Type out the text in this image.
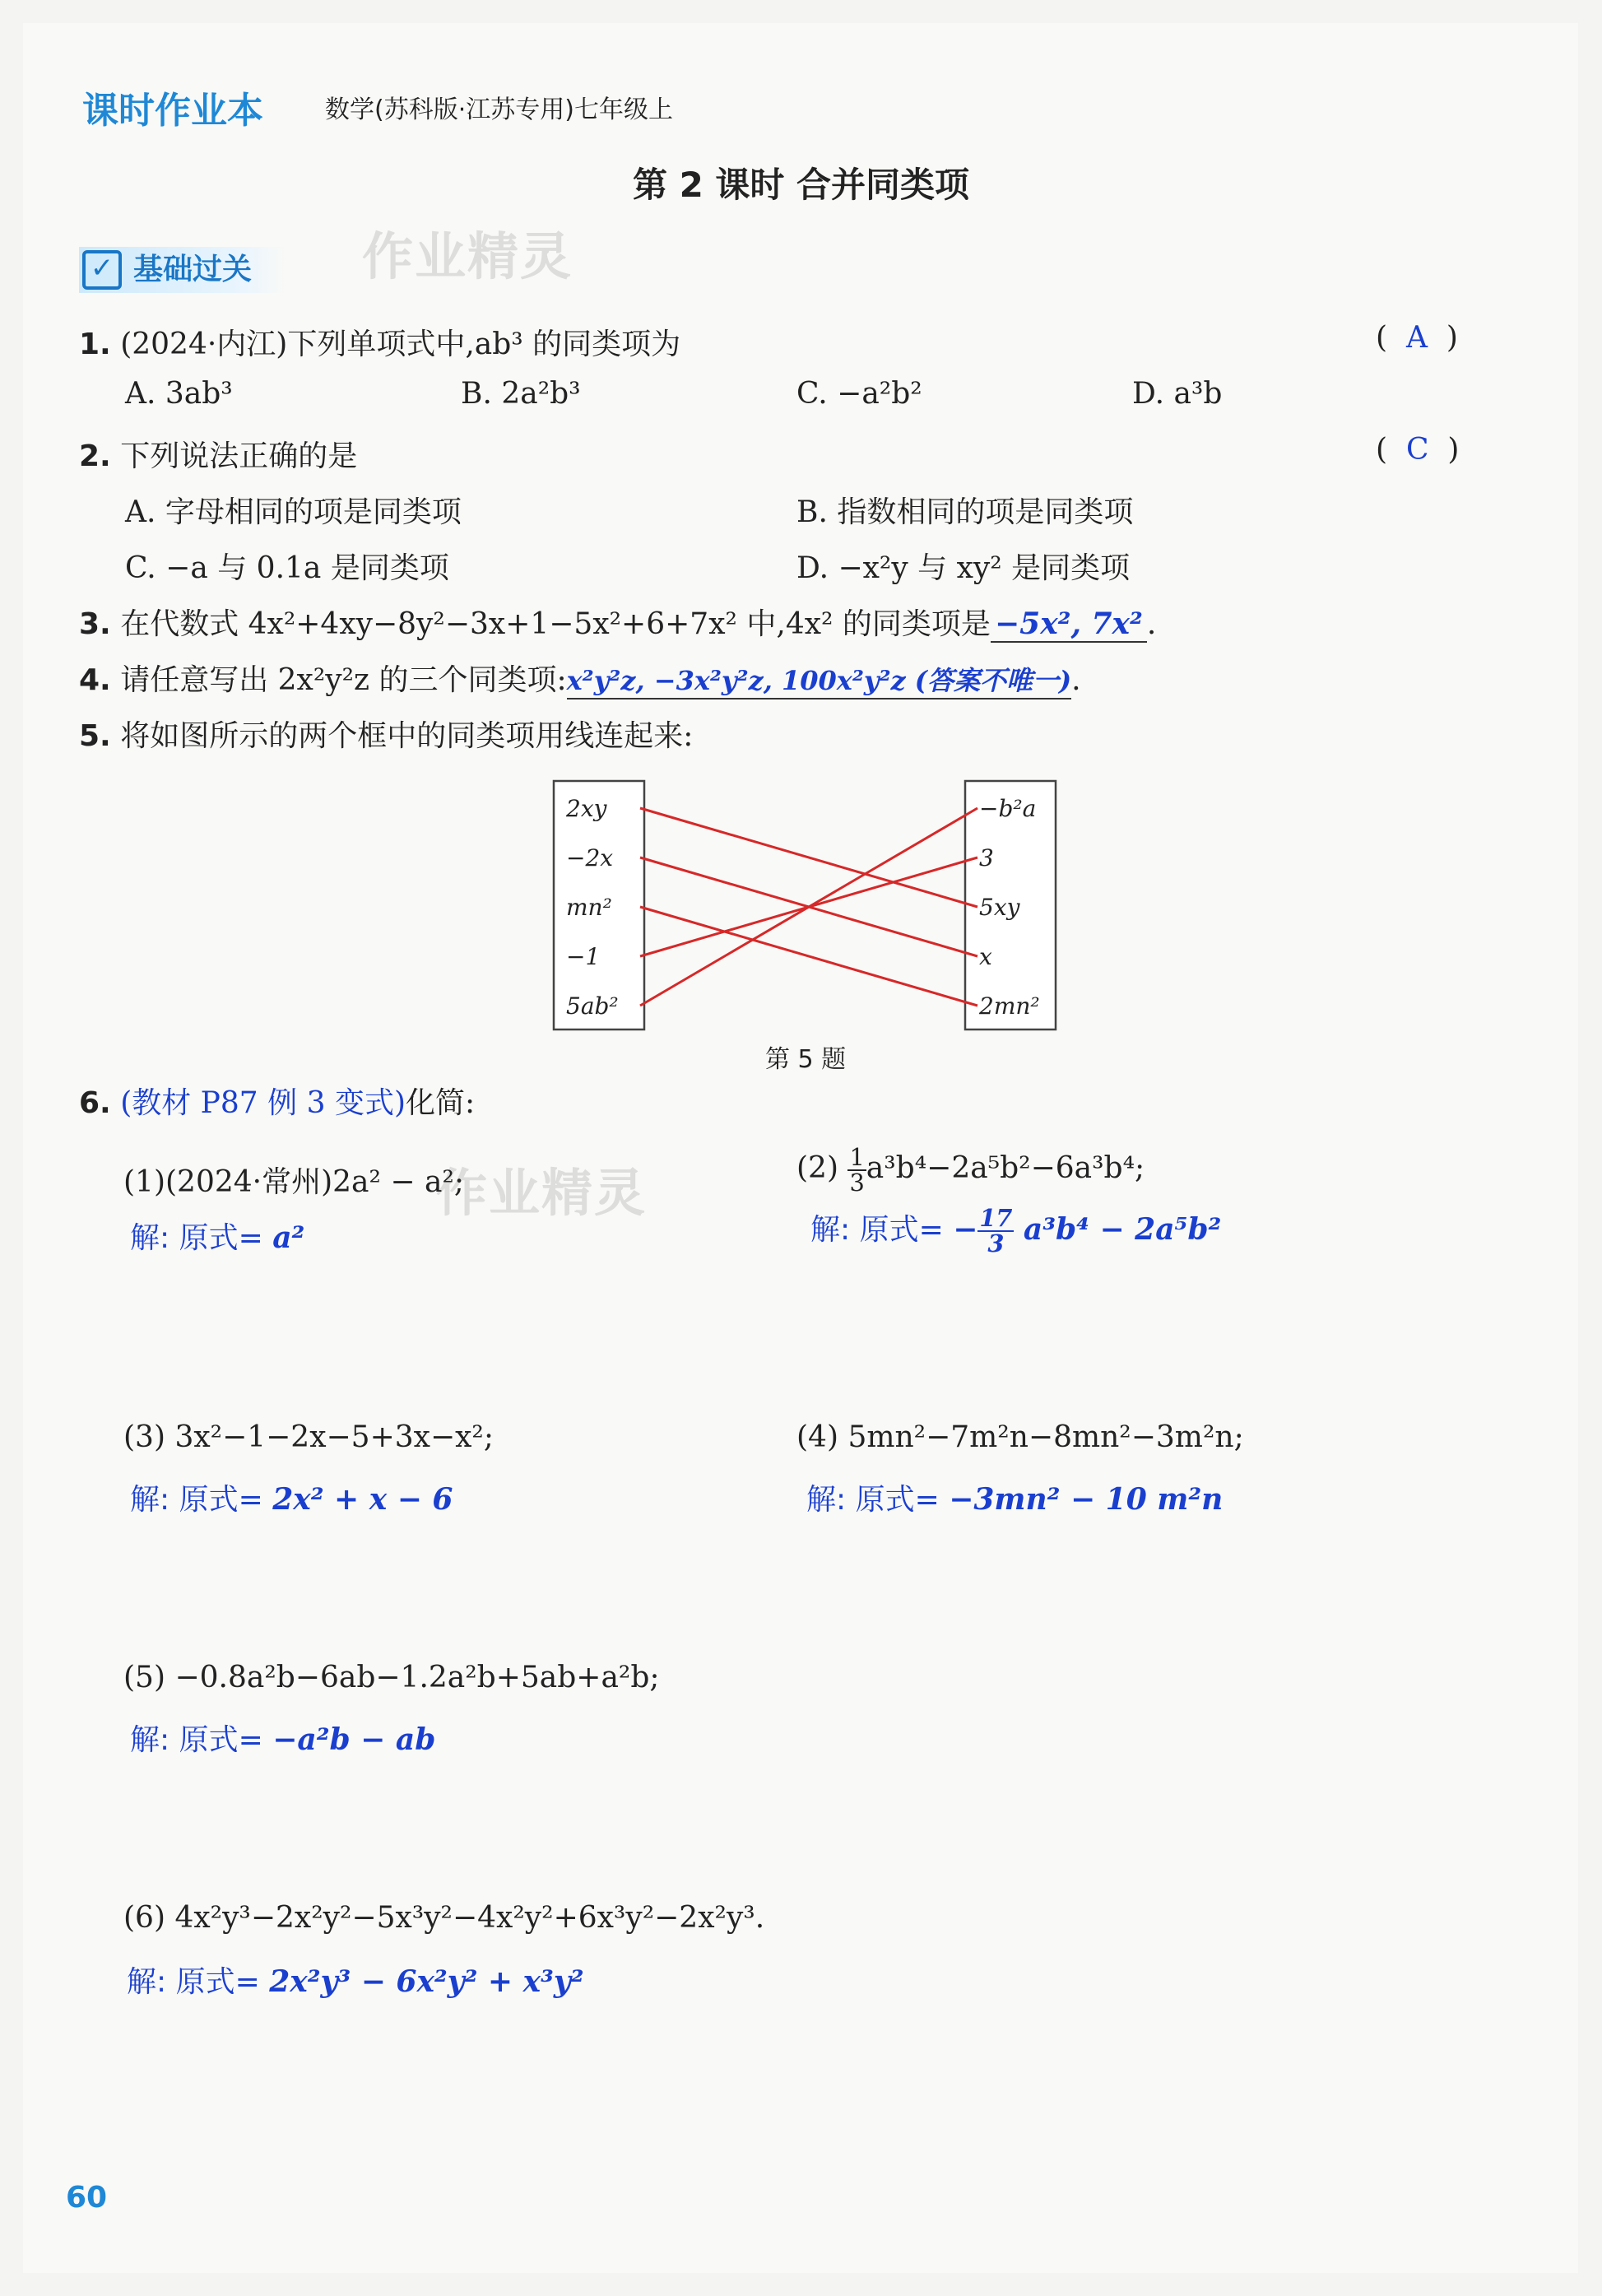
课时作业本	数学(苏科版·江苏专用)七年级上
第 2 课时 合并同类项
✓ 基础过关	作业精灵
1. (2024·内江)下列单项式中,ab³ 的同类项为	(  A  )
A. 3ab³	B. 2a²b³	C. −a²b²	D. a³b
2. 下列说法正确的是	(  C  )
A. 字母相同的项是同类项	B. 指数相同的项是同类项
C. −a 与 0.1a 是同类项	D. −x²y 与 xy² 是同类项
3. 在代数式 4x²+4xy−8y²−3x+1−5x²+6+7x² 中,4x² 的同类项是 −5x², 7x² .
4. 请任意写出 2x²y²z 的三个同类项:x²y²z, −3x²y²z, 100x²y²z (答案不唯一).
5. 将如图所示的两个框中的同类项用线连起来:
2xy
−2x
mn²
−1
5ab²
−b²a
3
5xy
x
2mn²
第 5 题
6. (教材 P87 例 3 变式)化简:
作业精灵
(1)(2024·常州)2a² − a²;
解: 原式= a²
$(2) \frac{1}{3} a^3b^4-2a^5b^2-6a^3b^4$;
解: 原式= − $\frac{17}{3} a^3b^4 - 2a^5b^2$
(3) 3x²−1−2x−5+3x−x²;
解: 原式= 2x² + x − 6
(4) 5mn²−7m²n−8mn²−3m²n;
解: 原式= −3mn² − 10 m²n
(5) −0.8a²b−6ab−1.2a²b+5ab+a²b;
解: 原式= −a²b − ab
(6) 4x²y³−2x²y²−5x³y²−4x²y²+6x³y²−2x²y³.
解: 原式= 2x²y³ − 6x²y² + x³y²
60
